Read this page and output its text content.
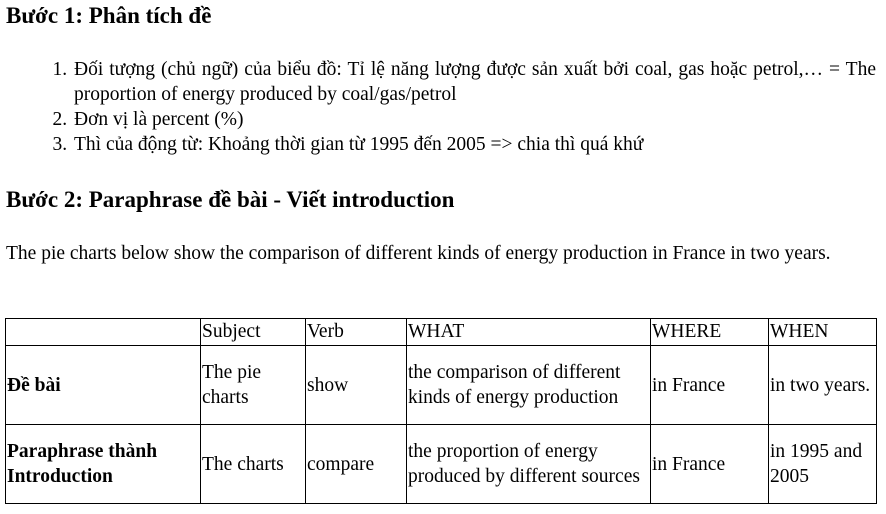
Bước 1: Phân tích đề
1. Đối tượng (chủ ngữ) của biểu đồ: Tỉ lệ năng lượng được sản xuất bởi coal, gas hoặc petrol,… = The proportion of energy produced by coal/gas/petrol
2. Đơn vị là percent (%)
3. Thì của động từ: Khoảng thời gian từ 1995 đến 2005 => chia thì quá khứ
Bước 2: Paraphrase đề bài - Viết introduction

The pie charts below show the comparison of different kinds of energy production in France in two years.

	Subject	Verb	WHAT	WHERE	WHEN
Đề bài	The pie charts	show	the comparison of different kinds of energy production	in France	in two years.
Paraphrase thành Introduction	The charts	compare	the proportion of energy produced by different sources	in France	in 1995 and 2005
